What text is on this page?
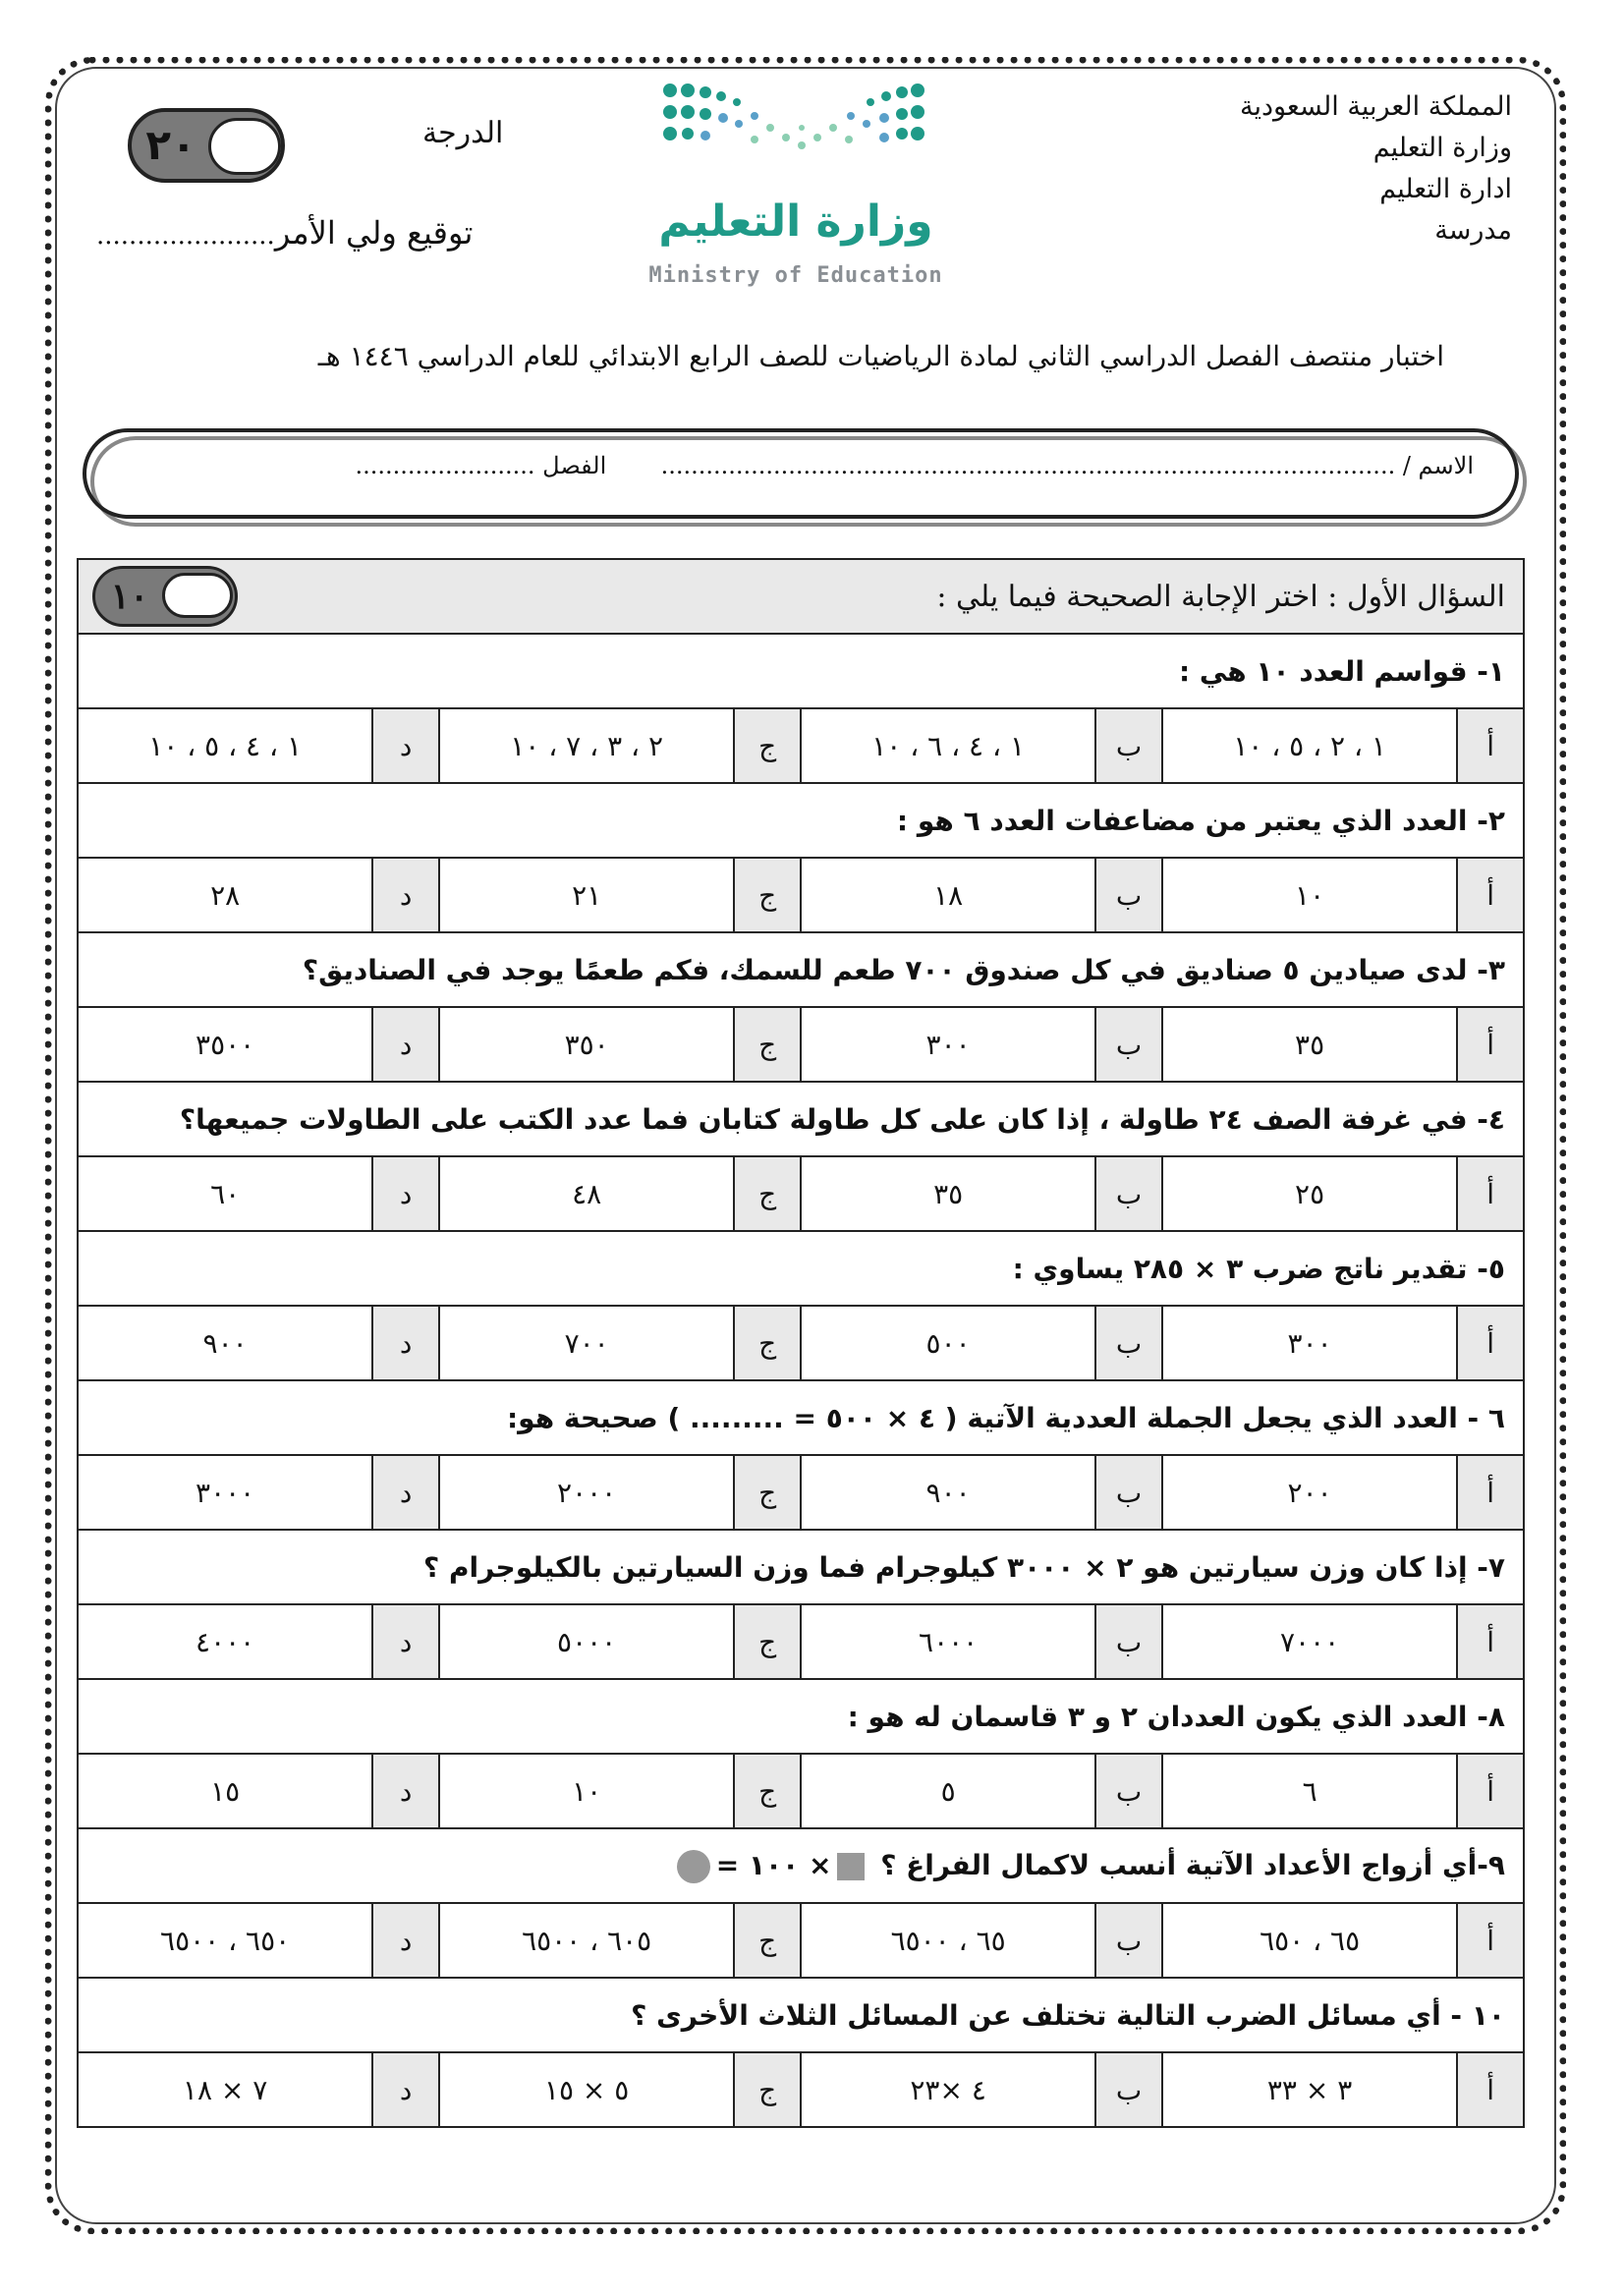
المملكة العربية السعودية
وزارة التعليم
ادارة التعليم
مدرسة
وزارة التعليم
Ministry of Education
الدرجة
٢٠
توقيع ولي الأمر......................
اختبار منتصف الفصل الدراسي الثاني لمادة الرياضيات للصف الرابع الابتدائي للعام الدراسي ١٤٤٦ هـ
الاسم / ..................................................................................................  الفصل ........................
السؤال الأول : اختر الإجابة الصحيحة فيما يلي :
١٠							

١- قواسم العدد ١٠ هي :							
أ	١ ، ٢ ، ٥ ، ١٠	ب	١ ، ٤ ، ٦ ، ١٠	ج	٢ ، ٣ ، ٧ ، ١٠	د	١ ، ٤ ، ٥ ، ١٠
٢- العدد الذي يعتبر من مضاعفات العدد ٦ هو :							
أ	١٠	ب	١٨	ج	٢١	د	٢٨
٣- لدى صيادين ٥ صناديق في كل صندوق ٧٠٠ طعم للسمك، فكم طعمًا يوجد في الصناديق؟							
أ	٣٥	ب	٣٠٠	ج	٣٥٠	د	٣٥٠٠
٤- في غرفة الصف ٢٤ طاولة ، إذا كان على كل طاولة كتابان فما عدد الكتب على الطاولات جميعها؟							
أ	٢٥	ب	٣٥	ج	٤٨	د	٦٠
٥- تقدير ناتج ضرب ٣ × ٢٨٥ يساوي :							
أ	٣٠٠	ب	٥٠٠	ج	٧٠٠	د	٩٠٠
٦ - العدد الذي يجعل الجملة العددية الآتية ( ٤ × ٥٠٠ = ......... ) صحيحة هو:							
أ	٢٠٠	ب	٩٠٠	ج	٢٠٠٠	د	٣٠٠٠
٧- إذا كان وزن سيارتين هو ٢ × ٣٠٠٠ كيلوجرام فما وزن السيارتين بالكيلوجرام ؟							
أ	٧٠٠٠	ب	٦٠٠٠	ج	٥٠٠٠	د	٤٠٠٠
٨- العدد الذي يكون العددان ٢ و ٣ قاسمان له هو :							
أ	٦	ب	٥	ج	١٠	د	١٥
٩-أي أزواج الأعداد الآتية أنسب لاكمال الفراغ ؟ × ١٠٠ =							
أ	٦٥ ، ٦٥٠	ب	٦٥ ، ٦٥٠٠	ج	٦٠٥ ، ٦٥٠٠	د	٦٥٠ ، ٦٥٠٠
١٠ - أي مسائل الضرب التالية تختلف عن المسائل الثلاث الأخرى ؟							
أ	٣ × ٣٣	ب	٤ ×٢٣	ج	٥ × ١٥	د	٧ × ١٨
